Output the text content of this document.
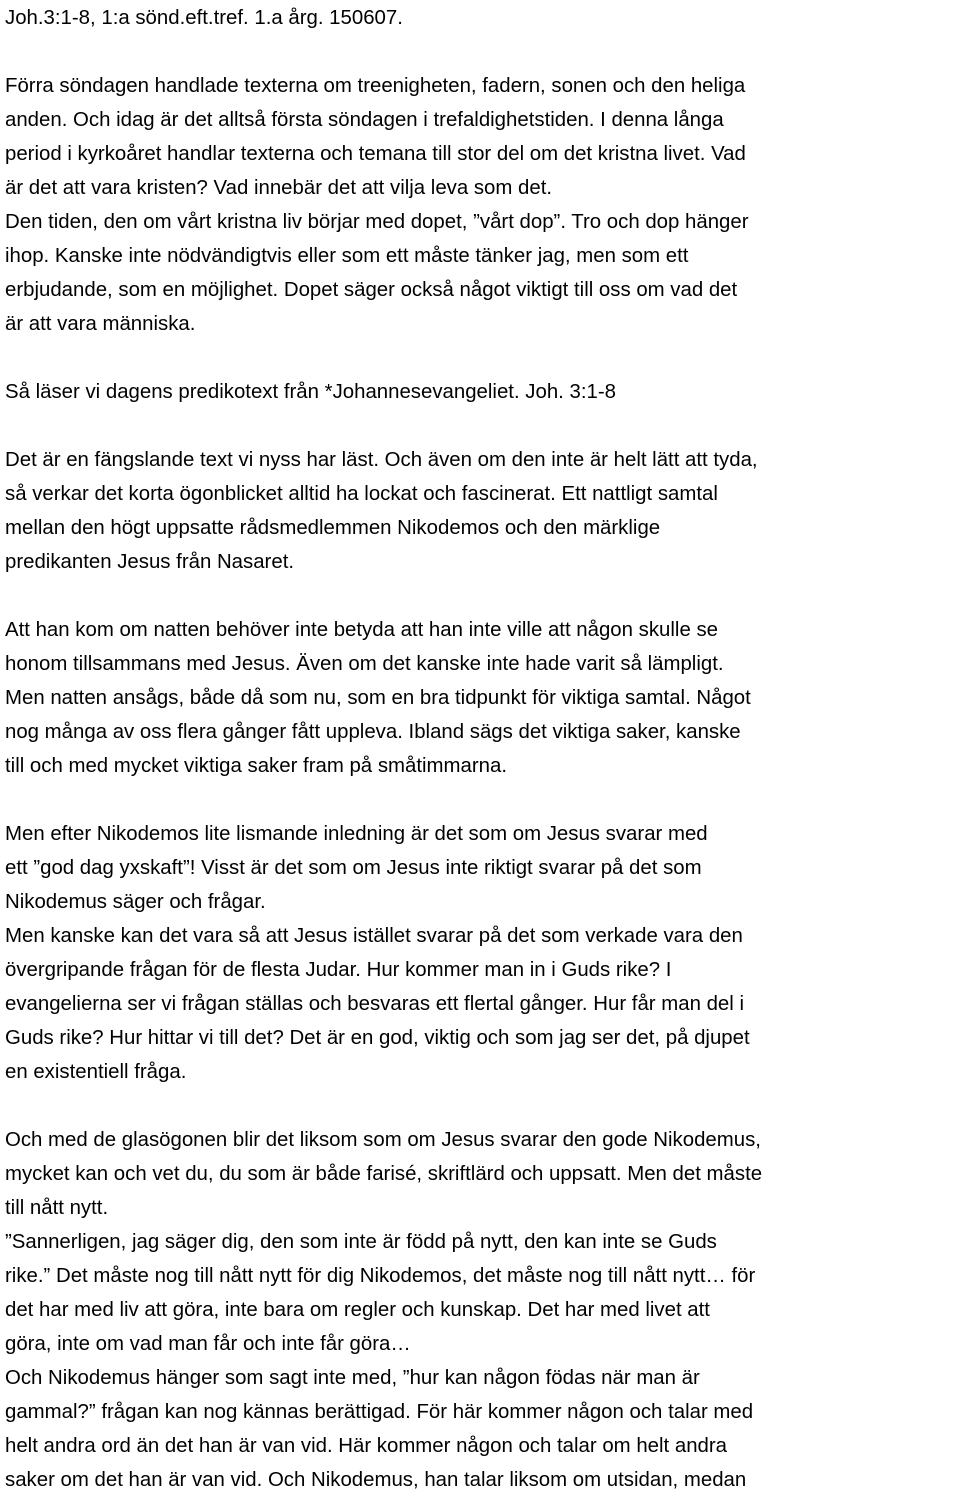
Joh.3:1-8, 1:a sönd.eft.tref. 1.a årg. 150607.
Förra söndagen handlade texterna om treenigheten, fadern, sonen och den heliga
anden. Och idag är det alltså första söndagen i trefaldighetstiden. I denna långa
period i kyrkoåret handlar texterna och temana till stor del om det kristna livet. Vad
är det att vara kristen? Vad innebär det att vilja leva som det.
Den tiden, den om vårt kristna liv börjar med dopet, ”vårt dop”. Tro och dop hänger
ihop. Kanske inte nödvändigtvis eller som ett måste tänker jag, men som ett
erbjudande, som en möjlighet. Dopet säger också något viktigt till oss om vad det
är att vara människa.
Så läser vi dagens predikotext från *Johannesevangeliet. Joh. 3:1-8
Det är en fängslande text vi nyss har läst. Och även om den inte är helt lätt att tyda,
så verkar det korta ögonblicket alltid ha lockat och fascinerat. Ett nattligt samtal
mellan den högt uppsatte rådsmedlemmen Nikodemos och den märklige
predikanten Jesus från Nasaret.
Att han kom om natten behöver inte betyda att han inte ville att någon skulle se
honom tillsammans med Jesus. Även om det kanske inte hade varit så lämpligt.
Men natten ansågs, både då som nu, som en bra tidpunkt för viktiga samtal. Något
nog många av oss flera gånger fått uppleva. Ibland sägs det viktiga saker, kanske
till och med mycket viktiga saker fram på småtimmarna.
Men efter Nikodemos lite lismande inledning är det som om Jesus svarar med
ett ”god dag yxskaft”! Visst är det som om Jesus inte riktigt svarar på det som
Nikodemus säger och frågar.
Men kanske kan det vara så att Jesus istället svarar på det som verkade vara den
övergripande frågan för de flesta Judar. Hur kommer man in i Guds rike? I
evangelierna ser vi frågan ställas och besvaras ett flertal gånger. Hur får man del i
Guds rike? Hur hittar vi till det? Det är en god, viktig och som jag ser det, på djupet
en existentiell fråga.
Och med de glasögonen blir det liksom som om Jesus svarar den gode Nikodemus,
mycket kan och vet du, du som är både farisé, skriftlärd och uppsatt. Men det måste
till nått nytt.
”Sannerligen, jag säger dig, den som inte är född på nytt, den kan inte se Guds
rike.” Det måste nog till nått nytt för dig Nikodemos, det måste nog till nått nytt… för
det har med liv att göra, inte bara om regler och kunskap. Det har med livet att
göra, inte om vad man får och inte får göra…
Och Nikodemus hänger som sagt inte med, ”hur kan någon födas när man är
gammal?” frågan kan nog kännas berättigad. För här kommer någon och talar med
helt andra ord än det han är van vid. Här kommer någon och talar om helt andra
saker om det han är van vid. Och Nikodemus, han talar liksom om utsidan, medan
